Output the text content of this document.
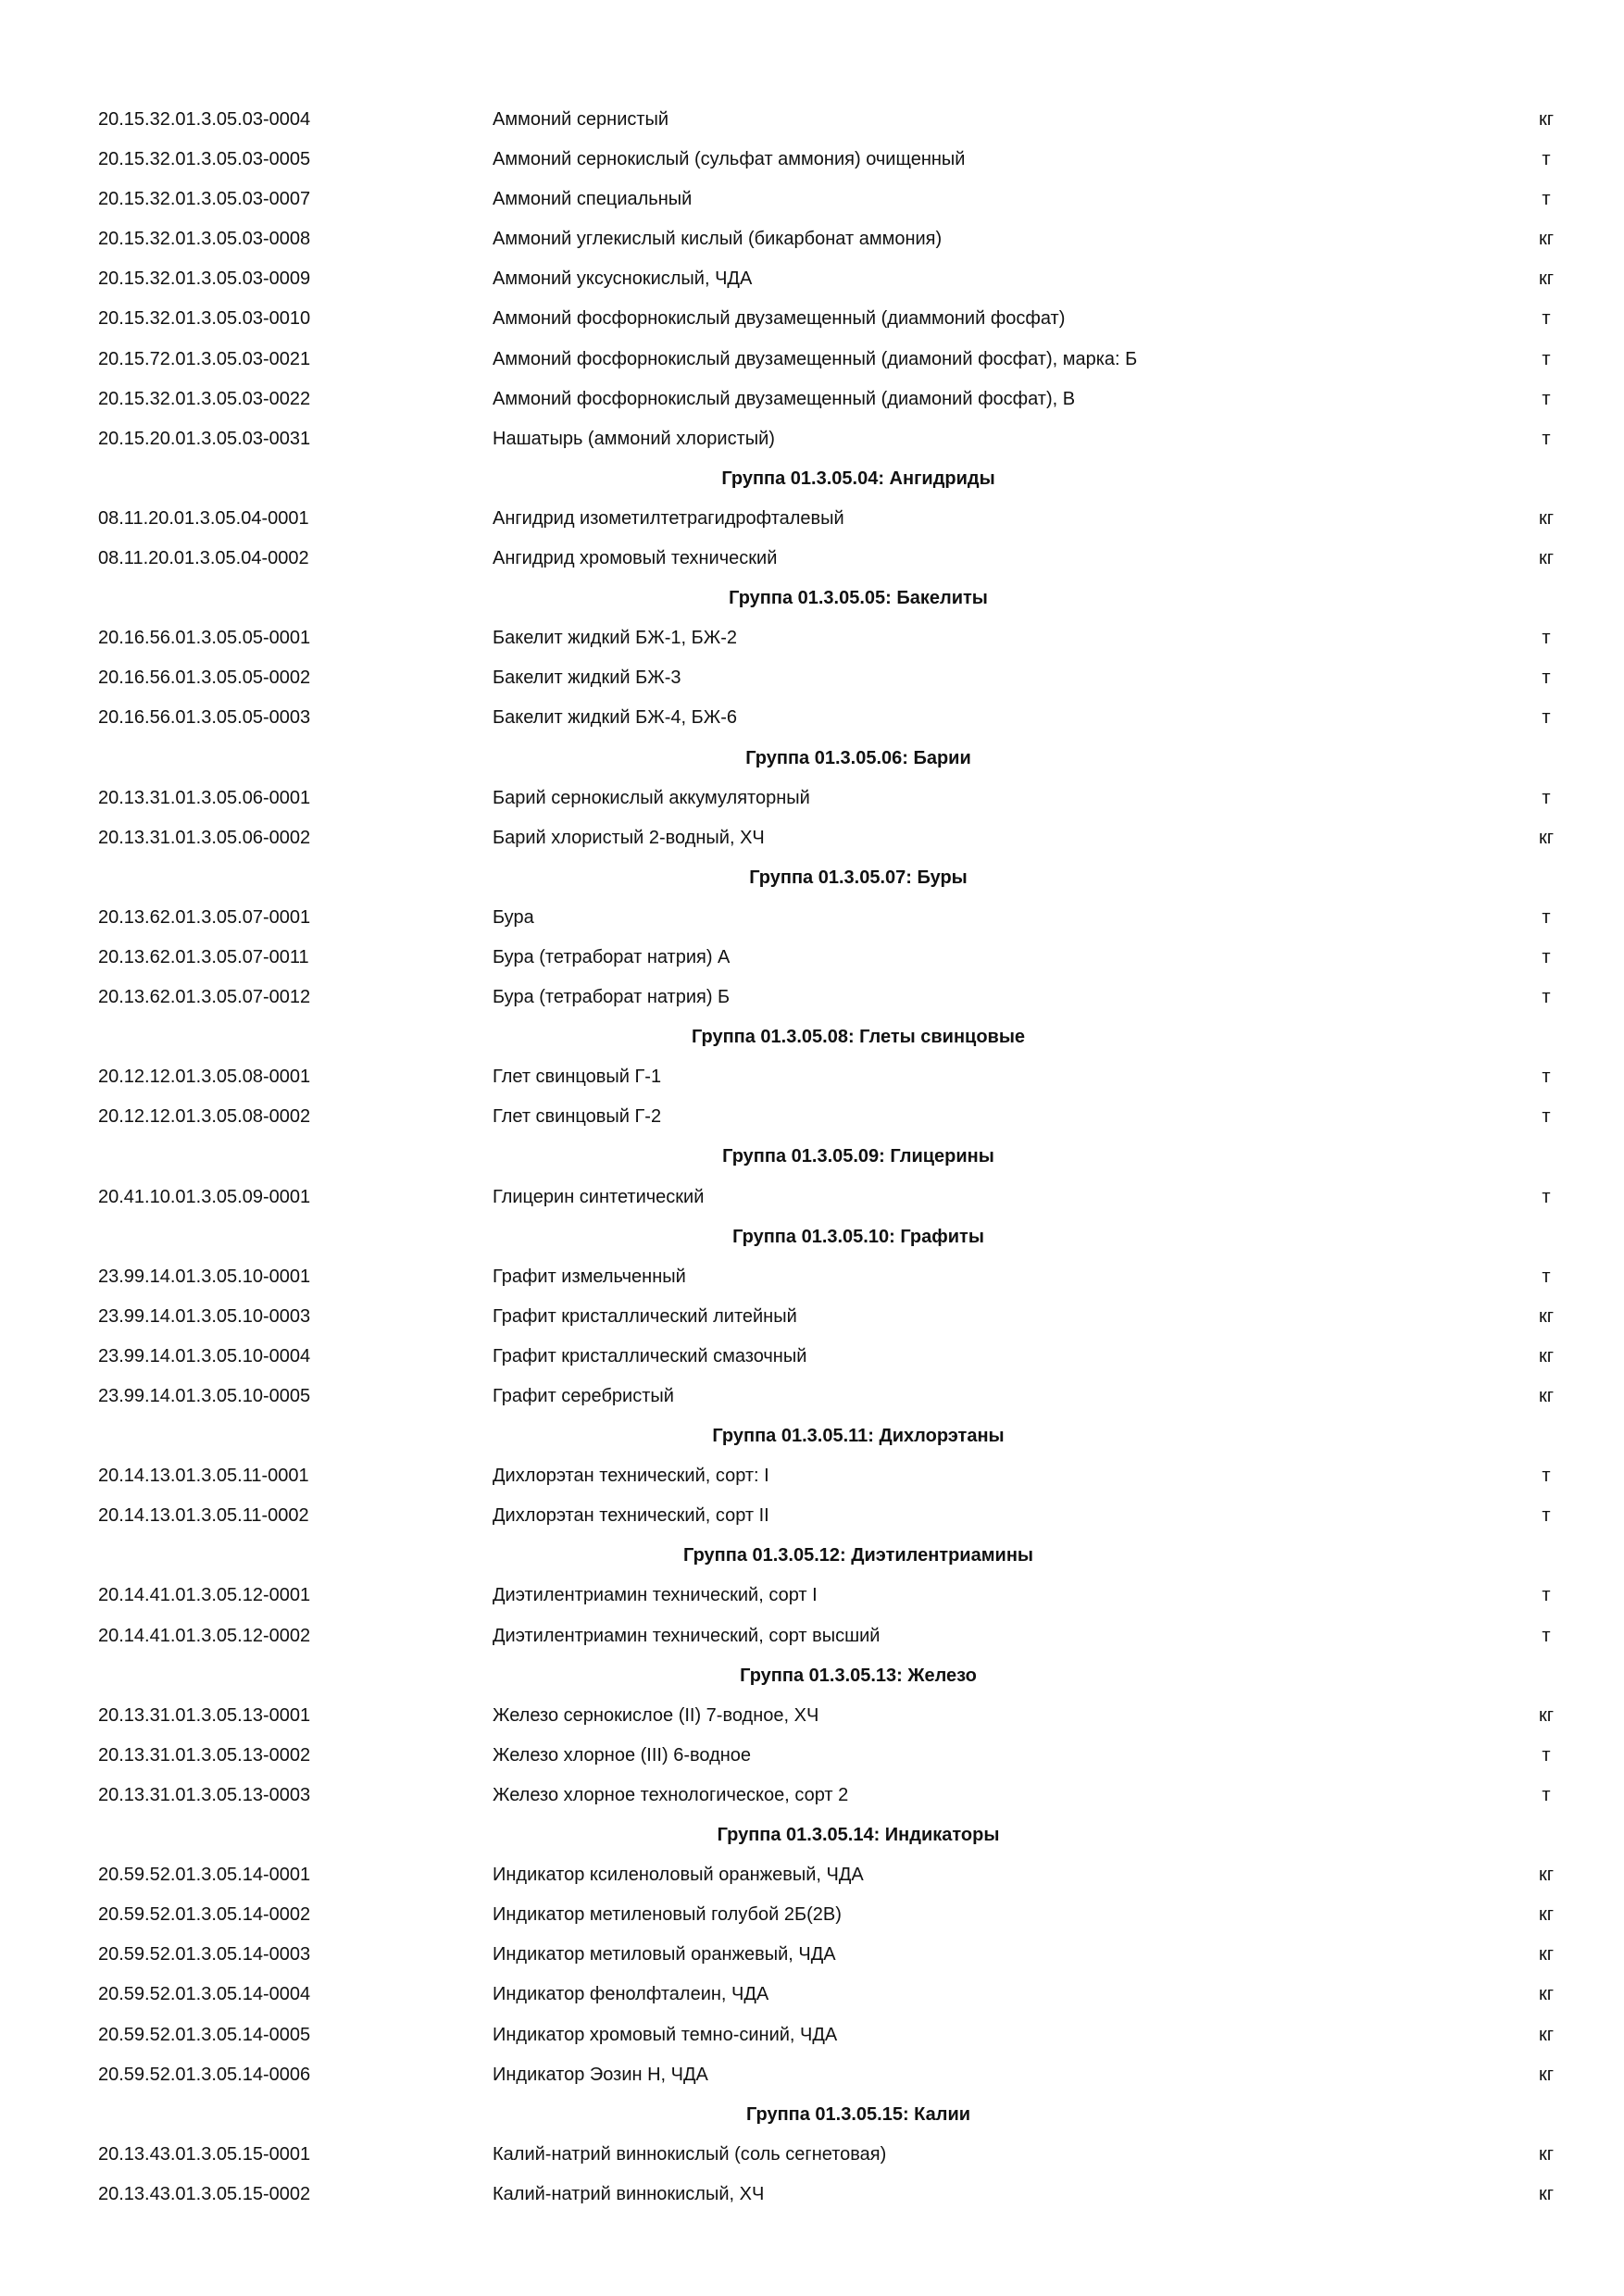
20.15.32.01.3.05.03-0004	Аммоний сернистый	кг
20.15.32.01.3.05.03-0005	Аммоний сернокислый (сульфат аммония) очищенный	т
20.15.32.01.3.05.03-0007	Аммоний специальный	т
20.15.32.01.3.05.03-0008	Аммоний углекислый кислый (бикарбонат аммония)	кг
20.15.32.01.3.05.03-0009	Аммоний уксуснокислый, ЧДА	кг
20.15.32.01.3.05.03-0010	Аммоний фосфорнокислый двузамещенный (диаммоний фосфат)	т
20.15.72.01.3.05.03-0021	Аммоний фосфорнокислый двузамещенный (диамоний фосфат), марка: Б	т
20.15.32.01.3.05.03-0022	Аммоний фосфорнокислый двузамещенный (диамоний фосфат), В	т
20.15.20.01.3.05.03-0031	Нашатырь (аммоний хлористый)	т
Группа 01.3.05.04: Ангидриды
08.11.20.01.3.05.04-0001	Ангидрид изометилтетрагидрофталевый	кг
08.11.20.01.3.05.04-0002	Ангидрид хромовый технический	кг
Группа 01.3.05.05: Бакелиты
20.16.56.01.3.05.05-0001	Бакелит жидкий БЖ-1, БЖ-2	т
20.16.56.01.3.05.05-0002	Бакелит жидкий БЖ-3	т
20.16.56.01.3.05.05-0003	Бакелит жидкий БЖ-4, БЖ-6	т
Группа 01.3.05.06: Барии
20.13.31.01.3.05.06-0001	Барий сернокислый аккумуляторный	т
20.13.31.01.3.05.06-0002	Барий хлористый 2-водный, ХЧ	кг
Группа 01.3.05.07: Буры
20.13.62.01.3.05.07-0001	Бура	т
20.13.62.01.3.05.07-0011	Бура (тетраборат натрия) А	т
20.13.62.01.3.05.07-0012	Бура (тетраборат натрия) Б	т
Группа 01.3.05.08: Глеты свинцовые
20.12.12.01.3.05.08-0001	Глет свинцовый Г-1	т
20.12.12.01.3.05.08-0002	Глет свинцовый Г-2	т
Группа 01.3.05.09: Глицерины
20.41.10.01.3.05.09-0001	Глицерин синтетический	т
Группа 01.3.05.10: Графиты
23.99.14.01.3.05.10-0001	Графит измельченный	т
23.99.14.01.3.05.10-0003	Графит кристаллический литейный	кг
23.99.14.01.3.05.10-0004	Графит кристаллический смазочный	кг
23.99.14.01.3.05.10-0005	Графит серебристый	кг
Группа 01.3.05.11: Дихлорэтаны
20.14.13.01.3.05.11-0001	Дихлорэтан технический, сорт: I	т
20.14.13.01.3.05.11-0002	Дихлорэтан технический, сорт II	т
Группа 01.3.05.12: Диэтилентриамины
20.14.41.01.3.05.12-0001	Диэтилентриамин технический, сорт I	т
20.14.41.01.3.05.12-0002	Диэтилентриамин технический, сорт высший	т
Группа 01.3.05.13: Железо
20.13.31.01.3.05.13-0001	Железо сернокислое (II) 7-водное, ХЧ	кг
20.13.31.01.3.05.13-0002	Железо хлорное (III) 6-водное	т
20.13.31.01.3.05.13-0003	Железо хлорное технологическое, сорт 2	т
Группа 01.3.05.14: Индикаторы
20.59.52.01.3.05.14-0001	Индикатор ксиленоловый оранжевый, ЧДА	кг
20.59.52.01.3.05.14-0002	Индикатор метиленовый голубой 2Б(2В)	кг
20.59.52.01.3.05.14-0003	Индикатор метиловый оранжевый, ЧДА	кг
20.59.52.01.3.05.14-0004	Индикатор фенолфталеин, ЧДА	кг
20.59.52.01.3.05.14-0005	Индикатор хромовый темно-синий, ЧДА	кг
20.59.52.01.3.05.14-0006	Индикатор Эозин Н, ЧДА	кг
Группа 01.3.05.15: Калии
20.13.43.01.3.05.15-0001	Калий-натрий виннокислый (соль сегнетовая)	кг
20.13.43.01.3.05.15-0002	Калий-натрий виннокислый, ХЧ	кг
